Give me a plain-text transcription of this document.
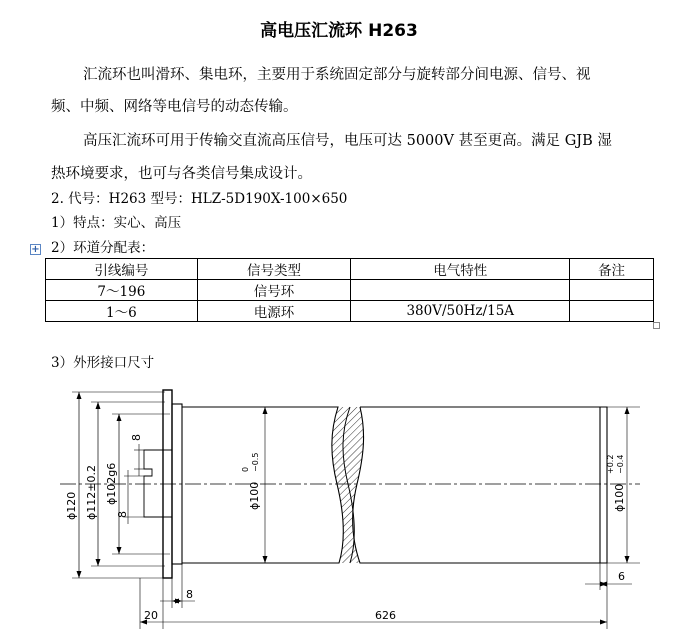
高电压汇流环 H263
汇流环也叫滑环、集电环，主要用于系统固定部分与旋转部分间电源、信号、视
频、中频、网络等电信号的动态传输。
高压汇流环可用于传输交直流高压信号，电压可达 5000V 甚至更高。满足 GJB 湿
热环境要求，也可与各类信号集成设计。
2. 代号：H263 型号：HLZ-5D190X-100×650
1）特点：实心、高压
2）环道分配表：
+
引线编号	信号类型	电气特性	备注
7～196	信号环		
1～6	电源环	380V/50Hz/15A	
3）外形接口尺寸
ϕ120 ϕ112±0.2 ϕ102g6	ϕ100
0 −0.5
ϕ100
+0.2 −0.4
8
8
8
20	626
6
